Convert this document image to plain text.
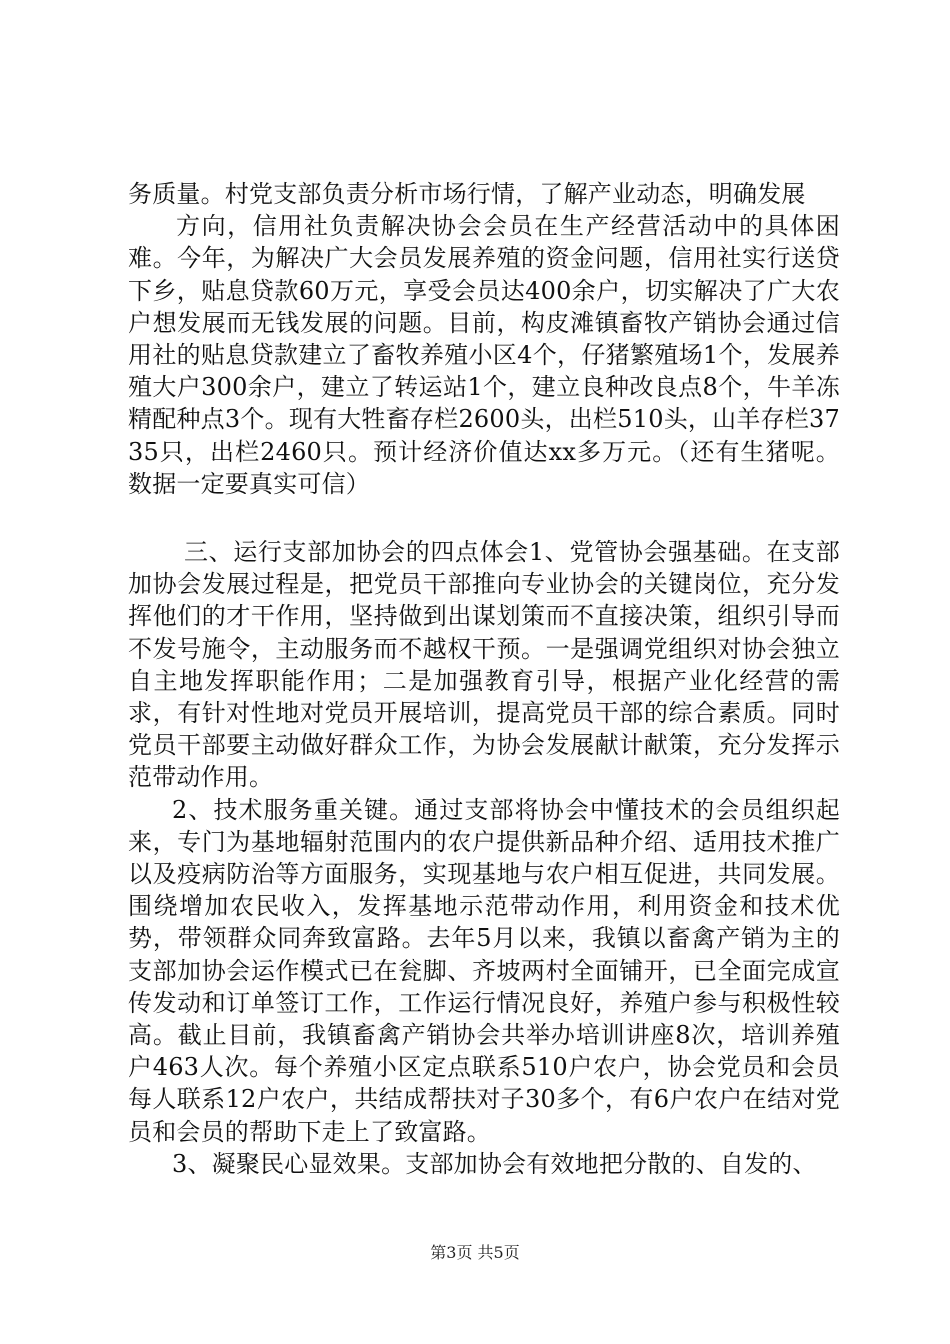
务质量。村党支部负责分析市场行情，了解产业动态，明确发展

方向，信用社负责解决协会会员在生产经营活动中的具体困难。今年，为解决广大会员发展养殖的资金问题，信用社实行送贷下乡，贴息贷款60万元，享受会员达400余户，切实解决了广大农户想发展而无钱发展的问题。目前，构皮滩镇畜牧产销协会通过信用社的贴息贷款建立了畜牧养殖小区4个，仔猪繁殖场1个，发展养殖大户300余户，建立了转运站1个，建立良种改良点8个，牛羊冻精配种点3个。现有大牲畜存栏2600头，出栏510头，山羊存栏3735只，出栏2460只。预计经济价值达xx多万元。（还有生猪呢。数据一定要真实可信）

三、运行支部加协会的四点体会1、党管协会强基础。在支部加协会发展过程是，把党员干部推向专业协会的关键岗位，充分发挥他们的才干作用，坚持做到出谋划策而不直接决策，组织引导而不发号施令，主动服务而不越权干预。一是强调党组织对协会独立自主地发挥职能作用；二是加强教育引导，根据产业化经营的需求，有针对性地对党员开展培训，提高党员干部的综合素质。同时党员干部要主动做好群众工作，为协会发展献计献策，充分发挥示范带动作用。

2、技术服务重关键。通过支部将协会中懂技术的会员组织起来，专门为基地辐射范围内的农户提供新品种介绍、适用技术推广以及疫病防治等方面服务，实现基地与农户相互促进，共同发展。围绕增加农民收入，发挥基地示范带动作用，利用资金和技术优势，带领群众同奔致富路。去年5月以来，我镇以畜禽产销为主的支部加协会运作模式已在瓮脚、齐坡两村全面铺开，已全面完成宣传发动和订单签订工作，工作运行情况良好，养殖户参与积极性较高。截止目前，我镇畜禽产销协会共举办培训讲座8次，培训养殖户463人次。每个养殖小区定点联系510户农户，协会党员和会员每人联系12户农户，共结成帮扶对子30多个，有6户农户在结对党员和会员的帮助下走上了致富路。

3、凝聚民心显效果。支部加协会有效地把分散的、自发的、

第3页 共5页
